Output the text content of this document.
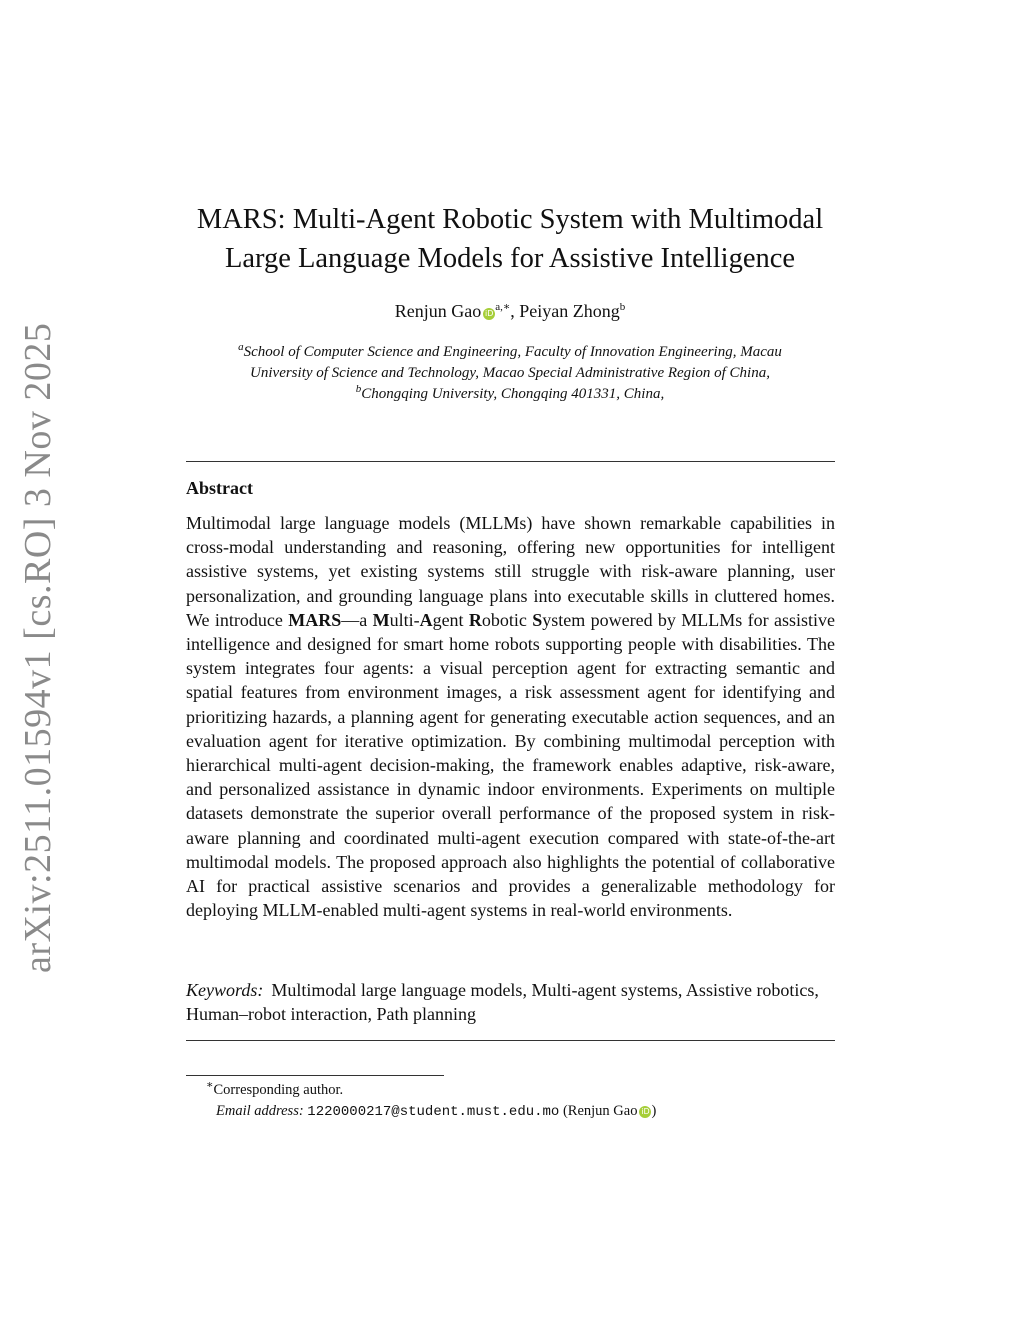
arXiv:2511.01594v1 [cs.RO] 3 Nov 2025
MARS: Multi-Agent Robotic System with Multimodal
Large Language Models for Assistive Intelligence
Renjun Gao $iD^{a,∗}$, Peiyan Zhong$^b$
$^a$School of Computer Science and Engineering, Faculty of Innovation Engineering, Macau
University of Science and Technology, Macao Special Administrative Region of China,
$^b$Chongqing University, Chongqing 401331, China,
Abstract
Multimodal large language models (MLLMs) have shown remarkable capabilities in cross-modal understanding and reasoning, offering new opportunities for intelligent assistive systems, yet existing systems still struggle with risk-aware planning, user personalization, and grounding language plans into executable skills in cluttered homes. We introduce MARS—a Multi-Agent Robotic System powered by MLLMs for assistive intelligence and designed for smart home robots supporting people with disabilities. The system integrates four agents: a visual perception agent for extracting semantic and spatial features from environment images, a risk assessment agent for identifying and prioritizing hazards, a planning agent for generating executable action sequences, and an evaluation agent for iterative optimization. By combining multimodal perception with hierarchical multi-agent decision-making, the framework enables adaptive, risk-aware, and personalized assistance in dynamic indoor environments. Experiments on multiple datasets demonstrate the superior overall performance of the proposed system in risk-aware planning and coordinated multi-agent execution compared with state-of-the-art multimodal models. The proposed approach also highlights the potential of collaborative AI for practical assistive scenarios and provides a generalizable methodology for deploying MLLM-enabled multi-agent systems in real-world environments.
Keywords: Multimodal large language models, Multi-agent systems, Assistive robotics, Human–robot interaction, Path planning
∗Corresponding author.
Email address: 1220000217@student.must.edu.mo (Renjun Gao iD )
